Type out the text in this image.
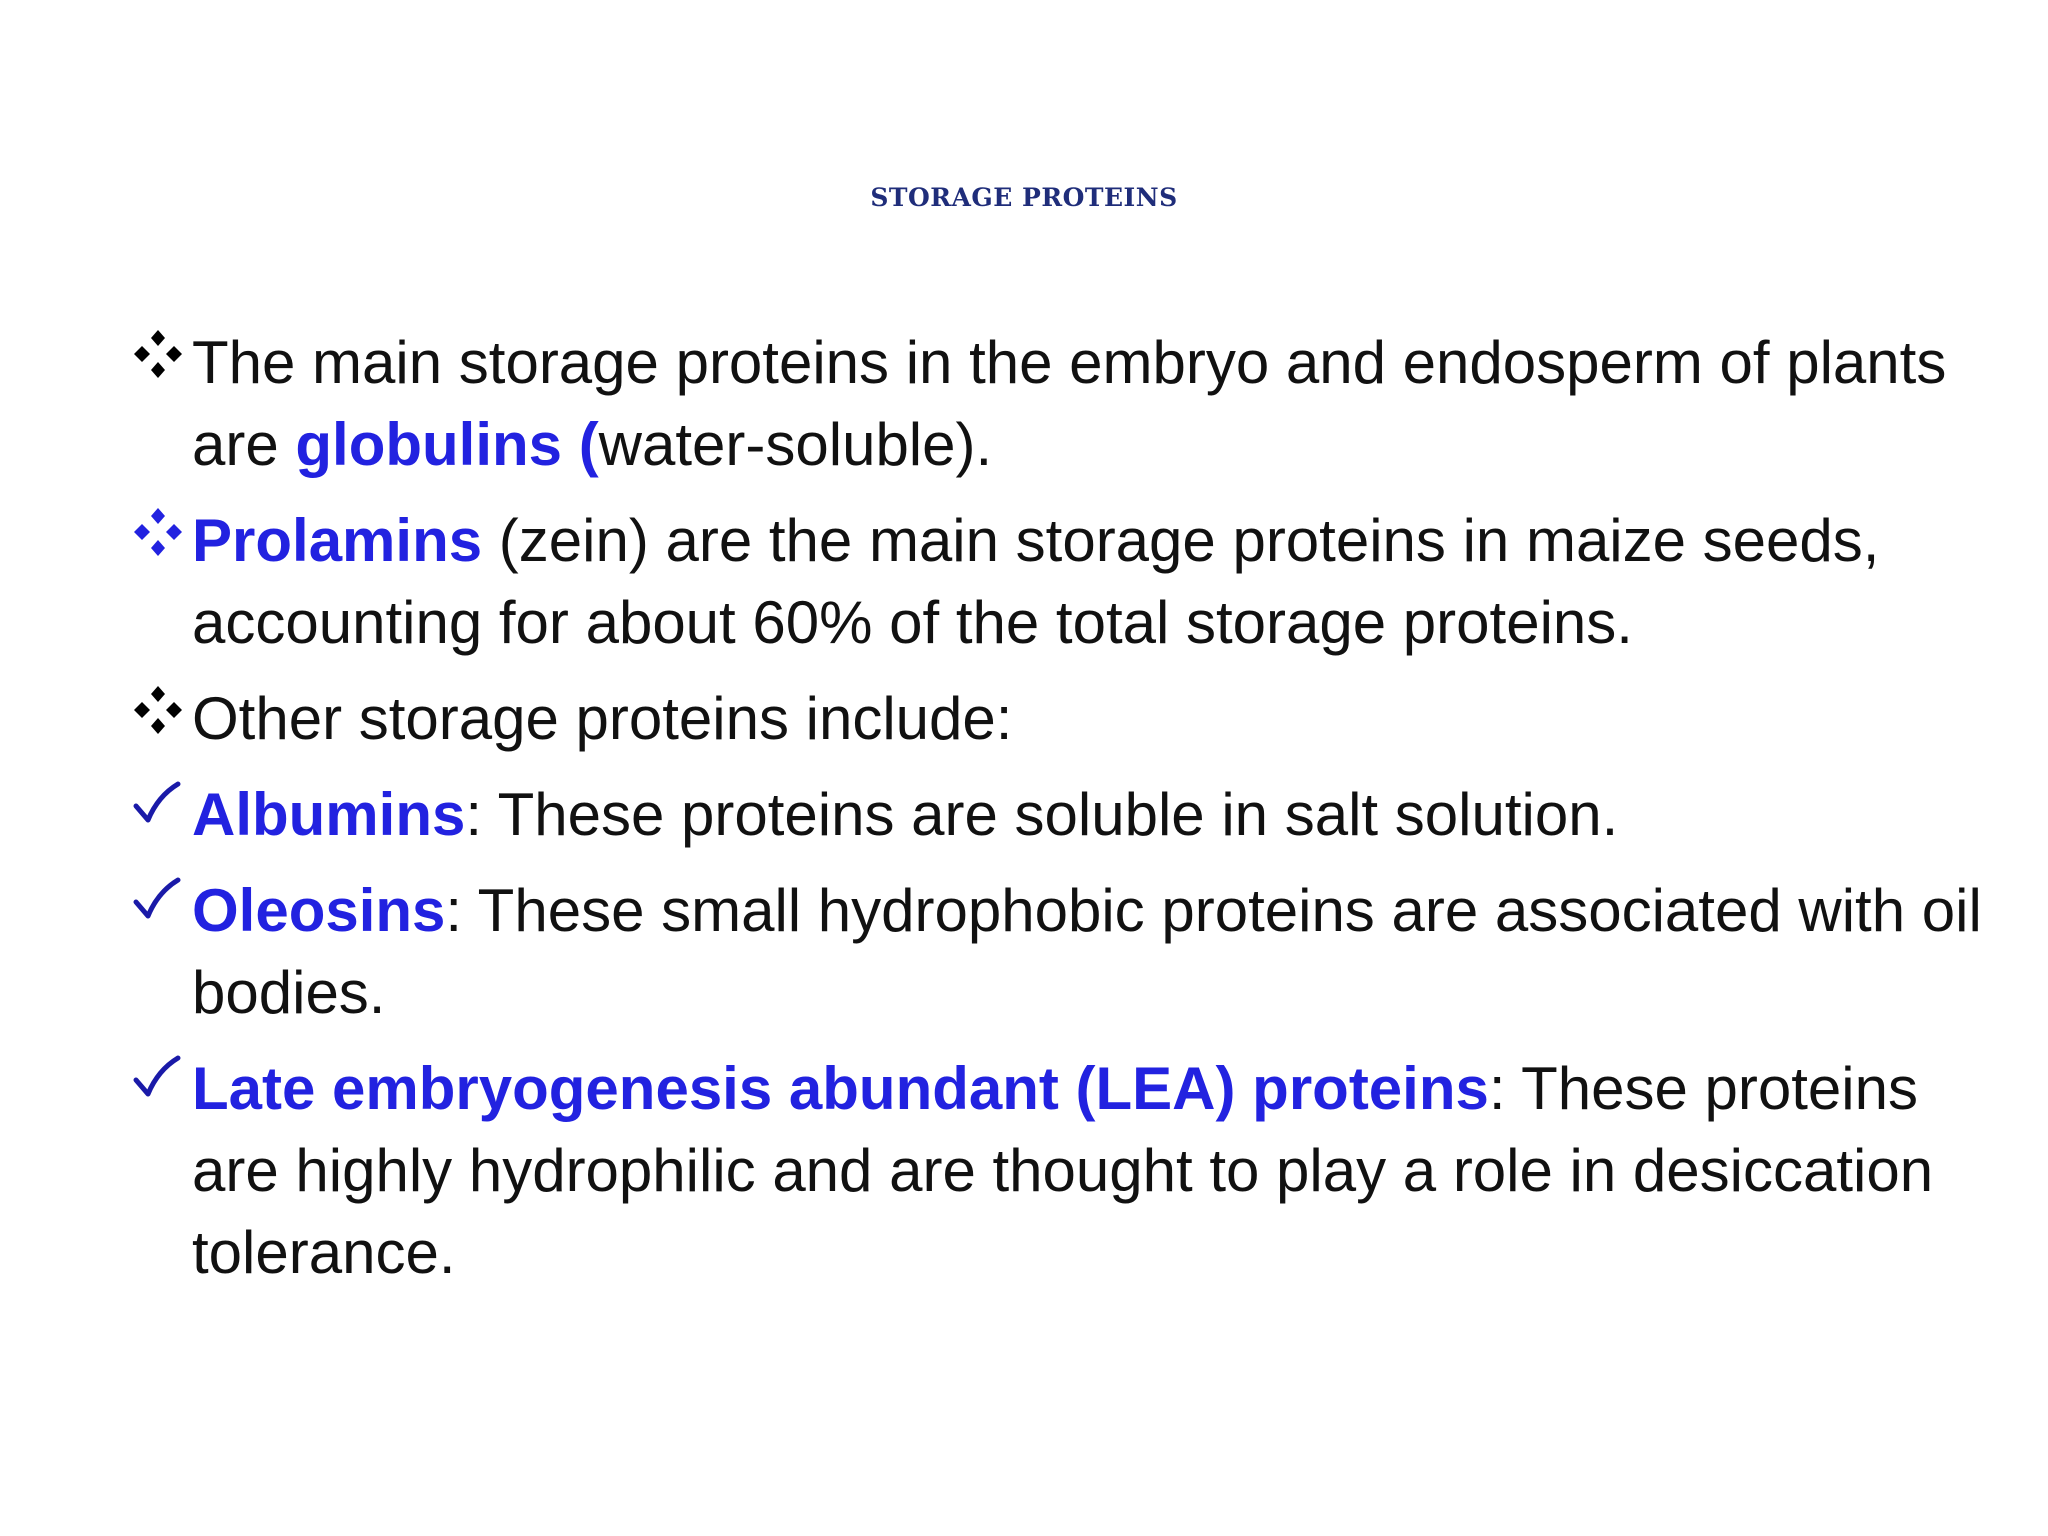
STORAGE PROTEINS
The main storage proteins in the embryo and endosperm of plants are globulins (water-soluble).
Prolamins (zein) are the main storage proteins in maize seeds, accounting for about 60% of the total storage proteins.
Other storage proteins include:
Albumins: These proteins are soluble in salt solution.
Oleosins: These small hydrophobic proteins are associated with oil bodies.
Late embryogenesis abundant (LEA) proteins: These proteins are highly hydrophilic and are thought to play a role in desiccation tolerance.
